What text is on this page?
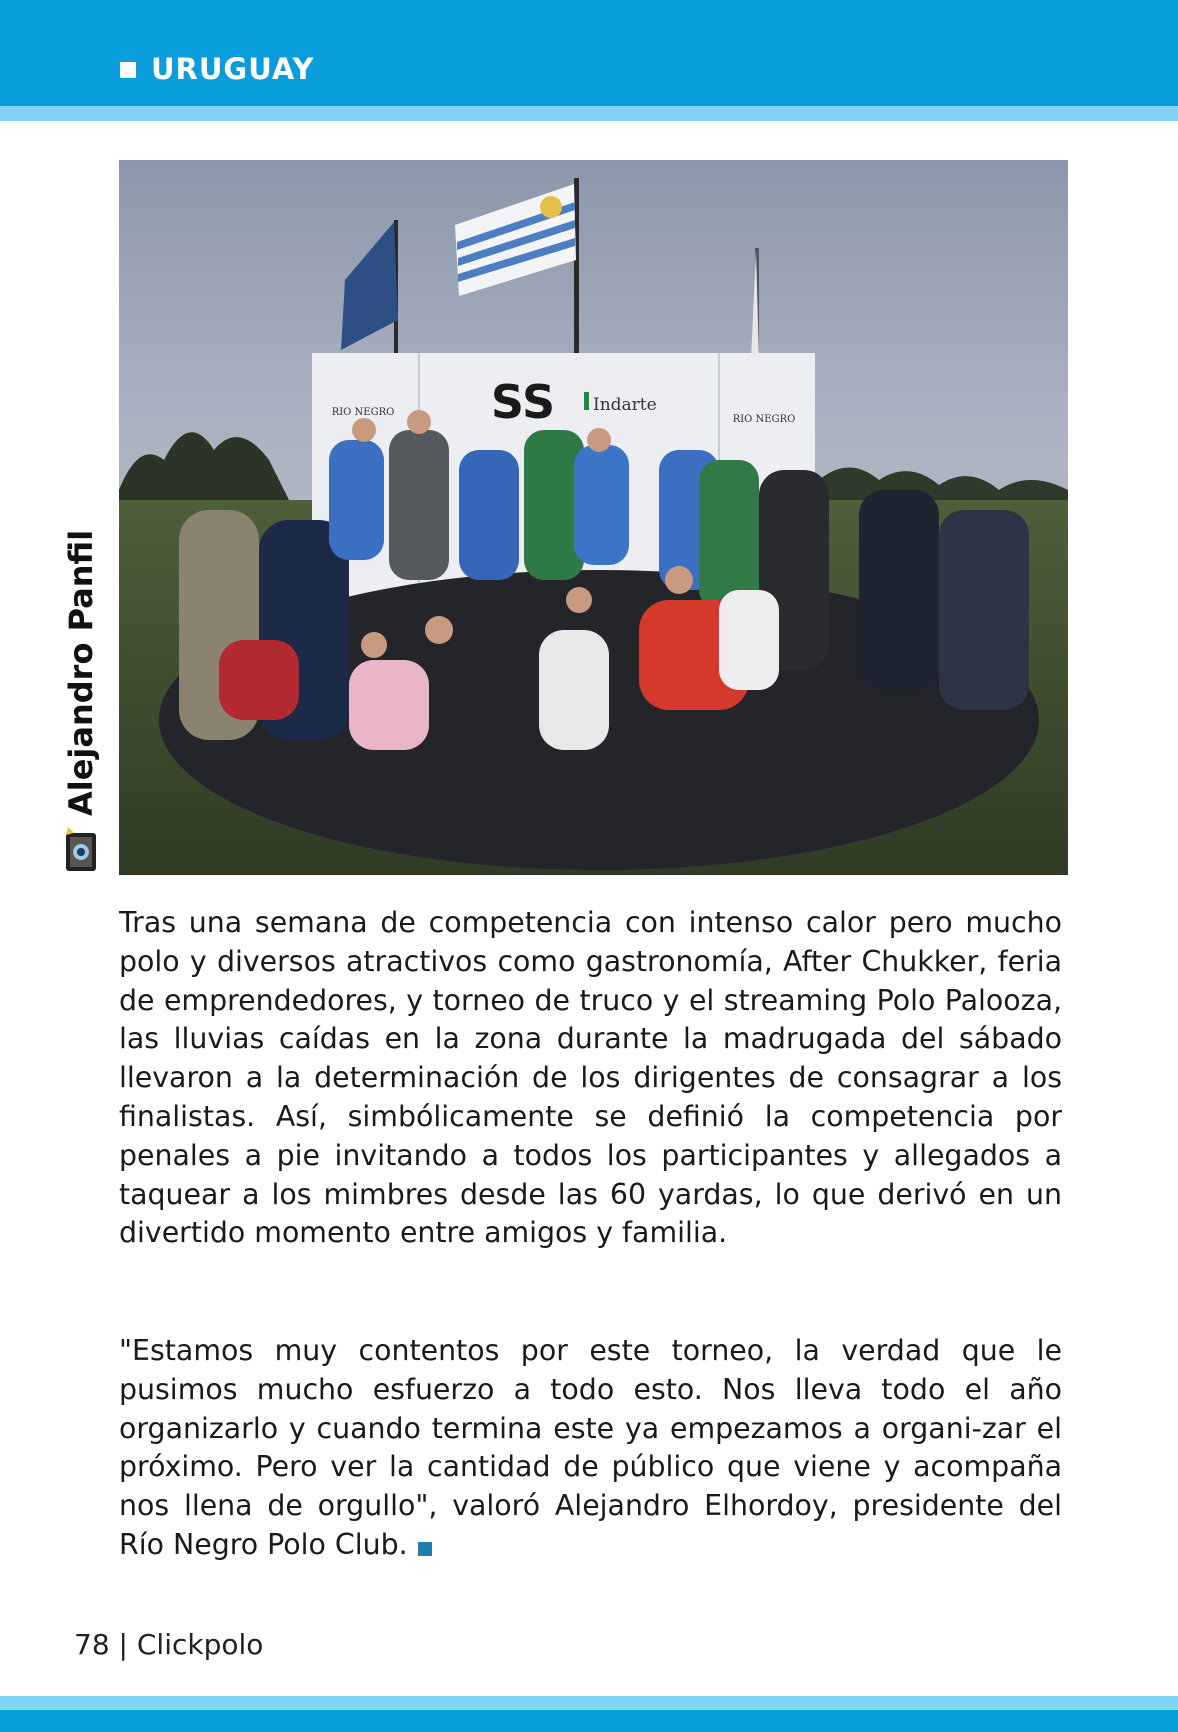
URUGUAY
RIO NEGRO
RIO NEGRO
SS Indarte
Alejandro Panfil

Tras una semana de competencia con intenso calor pero mucho polo y diversos atractivos como gastronomía, After Chukker, feria de emprendedores, y torneo de truco y el streaming Polo Palooza, las lluvias caídas en la zona durante la madrugada del sábado llevaron a la determinación de los dirigentes de consagrar a los finalistas. Así, simbólicamente se definió la competencia por penales a pie invitando a todos los participantes y allegados a taquear a los mimbres desde las 60 yardas, lo que derivó en un divertido momento entre amigos y familia.

"Estamos muy contentos por este torneo, la verdad que le pusimos mucho esfuerzo a todo esto. Nos lleva todo el año organizarlo y cuando termina este ya empezamos a organi-zar el próximo. Pero ver la cantidad de público que viene y acompaña nos llena de orgullo", valoró Alejandro Elhordoy, presidente del Río Negro Polo Club.

78 | Clickpolo
